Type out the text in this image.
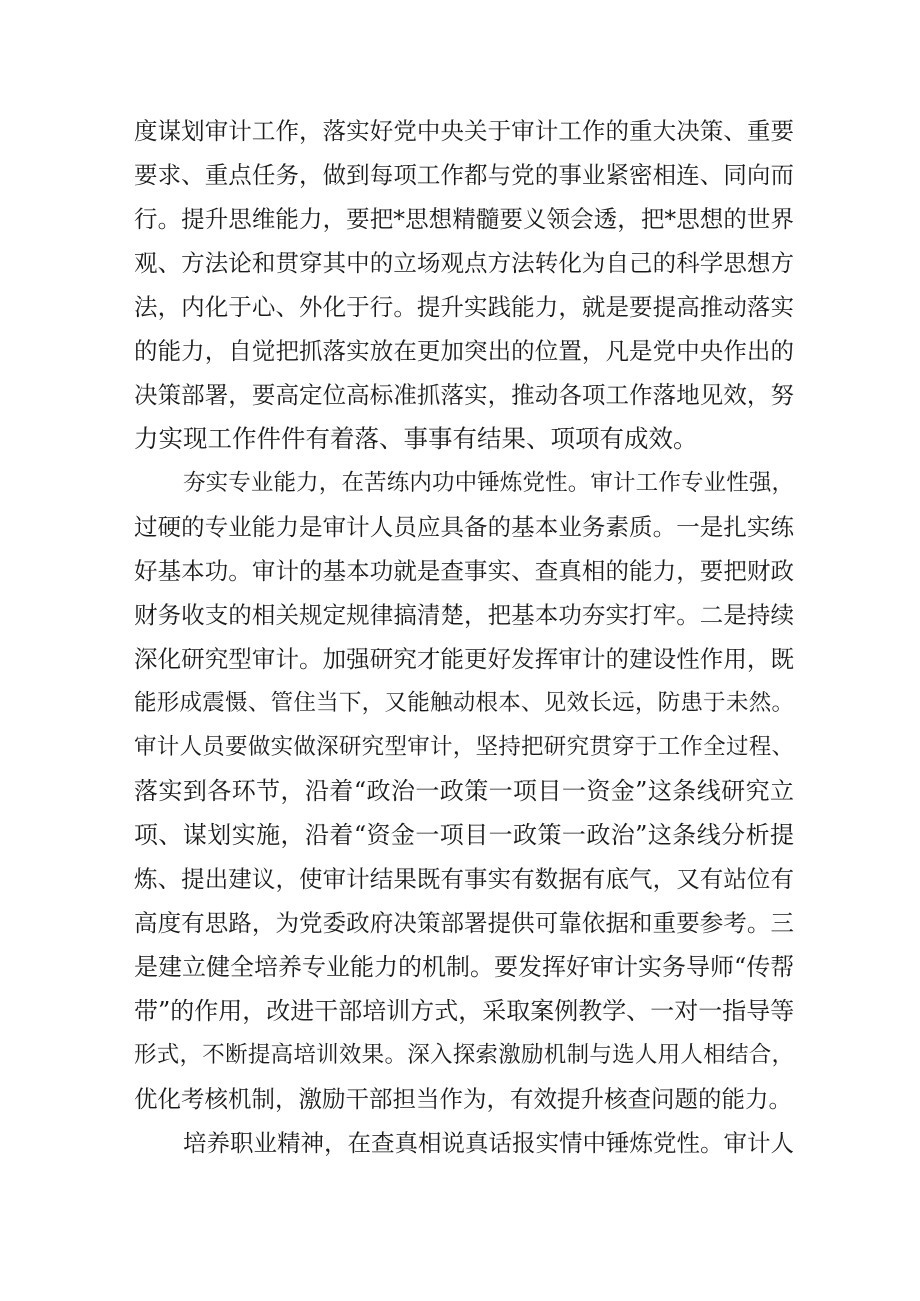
度谋划审计工作，落实好党中央关于审计工作的重大决策、重要
要求、重点任务，做到每项工作都与党的事业紧密相连、同向而
行。提升思维能力，要把*思想精髓要义领会透，把*思想的世界
观、方法论和贯穿其中的立场观点方法转化为自己的科学思想方
法，内化于心、外化于行。提升实践能力，就是要提高推动落实
的能力，自觉把抓落实放在更加突出的位置，凡是党中央作出的
决策部署，要高定位高标准抓落实，推动各项工作落地见效，努
力实现工作件件有着落、事事有结果、项项有成效。
夯实专业能力，在苦练内功中锤炼党性。审计工作专业性强，
过硬的专业能力是审计人员应具备的基本业务素质。一是扎实练
好基本功。审计的基本功就是查事实、查真相的能力，要把财政
财务收支的相关规定规律搞清楚，把基本功夯实打牢。二是持续
深化研究型审计。加强研究才能更好发挥审计的建设性作用，既
能形成震慑、管住当下，又能触动根本、见效长远，防患于未然。
审计人员要做实做深研究型审计，坚持把研究贯穿于工作全过程、
落实到各环节，沿着“政治一政策一项目一资金”这条线研究立
项、谋划实施，沿着“资金一项目一政策一政治”这条线分析提
炼、提出建议，使审计结果既有事实有数据有底气，又有站位有
高度有思路，为党委政府决策部署提供可靠依据和重要参考。三
是建立健全培养专业能力的机制。要发挥好审计实务导师“传帮
带”的作用，改进干部培训方式，采取案例教学、一对一指导等
形式，不断提高培训效果。深入探索激励机制与选人用人相结合，
优化考核机制，激励干部担当作为，有效提升核查问题的能力。
培养职业精神，在查真相说真话报实情中锤炼党性。审计人
